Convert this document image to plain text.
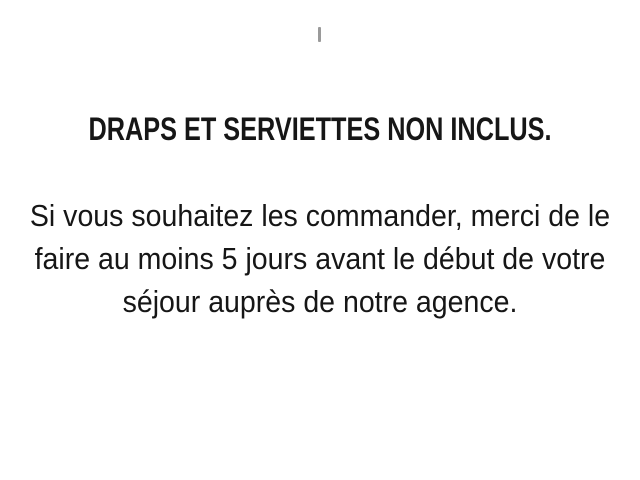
DRAPS ET SERVIETTES NON INCLUS.
Si vous souhaitez les commander, merci de le
faire au moins 5 jours avant le début de votre
séjour auprès de notre agence.
